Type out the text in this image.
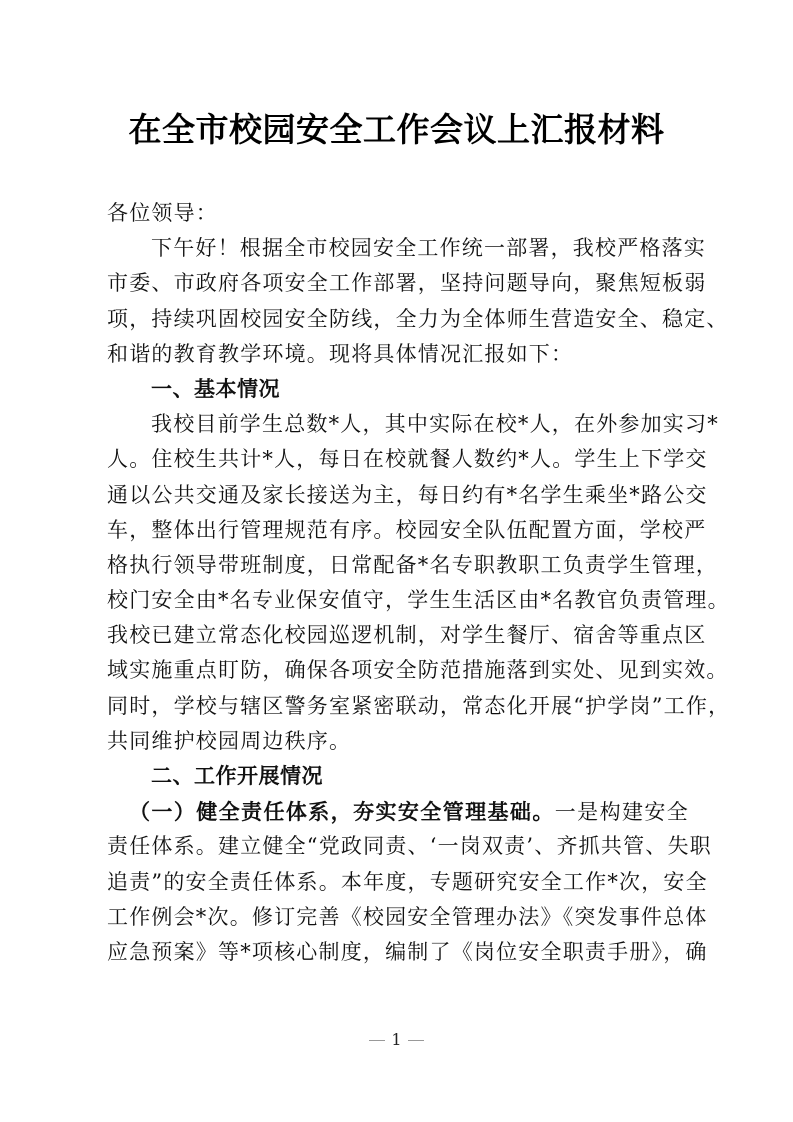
在全市校园安全工作会议上汇报材料
各位领导：
下午好！根据全市校园安全工作统一部署，我校严格落实
市委、市政府各项安全工作部署，坚持问题导向，聚焦短板弱
项，持续巩固校园安全防线，全力为全体师生营造安全、稳定、
和谐的教育教学环境。现将具体情况汇报如下：
一、基本情况
我校目前学生总数*人，其中实际在校*人，在外参加实习*
人。住校生共计*人，每日在校就餐人数约*人。学生上下学交
通以公共交通及家长接送为主，每日约有*名学生乘坐*路公交
车，整体出行管理规范有序。校园安全队伍配置方面，学校严
格执行领导带班制度，日常配备*名专职教职工负责学生管理，
校门安全由*名专业保安值守，学生生活区由*名教官负责管理。
我校已建立常态化校园巡逻机制，对学生餐厅、宿舍等重点区
域实施重点盯防，确保各项安全防范措施落到实处、见到实效。
同时，学校与辖区警务室紧密联动，常态化开展“护学岗”工作，
共同维护校园周边秩序。
二、工作开展情况
（一）健全责任体系，夯实安全管理基础。一是构建安全
责任体系。建立健全“党政同责、‘一岗双责’、齐抓共管、失职
追责”的安全责任体系。本年度，专题研究安全工作*次，安全
工作例会*次。修订完善《校园安全管理办法》《突发事件总体
应急预案》等*项核心制度，编制了《岗位安全职责手册》，确
1
